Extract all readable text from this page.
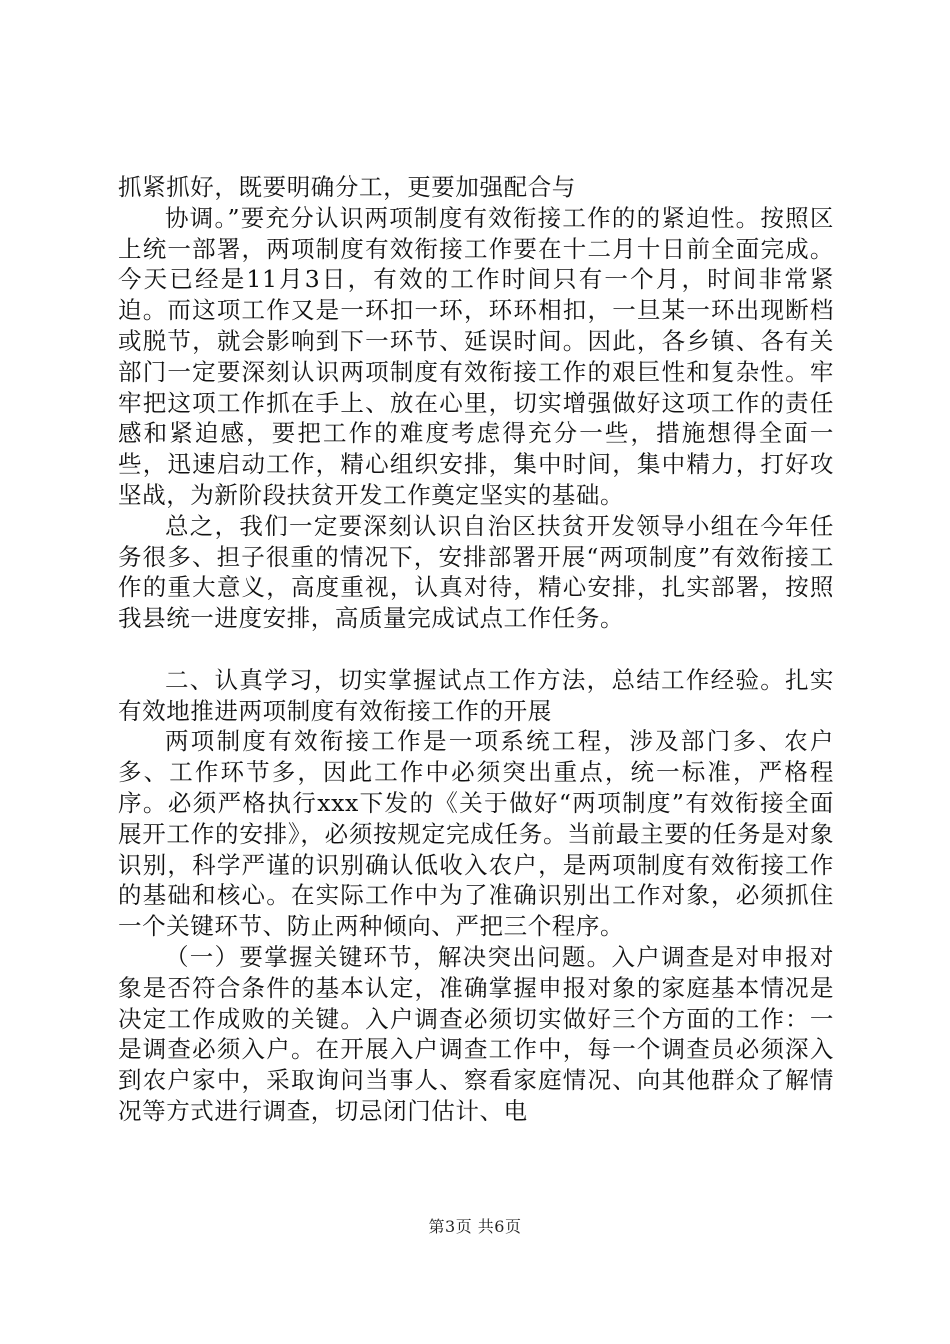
抓紧抓好，既要明确分工，更要加强配合与

协调。”要充分认识两项制度有效衔接工作的的紧迫性。按照区上统一部署，两项制度有效衔接工作要在十二月十日前全面完成。今天已经是11月3日，有效的工作时间只有一个月，时间非常紧迫。而这项工作又是一环扣一环，环环相扣，一旦某一环出现断档或脱节，就会影响到下一环节、延误时间。因此，各乡镇、各有关部门一定要深刻认识两项制度有效衔接工作的艰巨性和复杂性。牢牢把这项工作抓在手上、放在心里，切实增强做好这项工作的责任感和紧迫感，要把工作的难度考虑得充分一些，措施想得全面一些，迅速启动工作，精心组织安排，集中时间，集中精力，打好攻坚战，为新阶段扶贫开发工作奠定坚实的基础。

总之，我们一定要深刻认识自治区扶贫开发领导小组在今年任务很多、担子很重的情况下，安排部署开展“两项制度”有效衔接工作的重大意义，高度重视，认真对待，精心安排，扎实部署，按照我县统一进度安排，高质量完成试点工作任务。

二、认真学习，切实掌握试点工作方法，总结工作经验。扎实有效地推进两项制度有效衔接工作的开展

两项制度有效衔接工作是一项系统工程，涉及部门多、农户多、工作环节多，因此工作中必须突出重点，统一标准，严格程序。必须严格执行xxx下发的《关于做好“两项制度”有效衔接全面展开工作的安排》，必须按规定完成任务。当前最主要的任务是对象识别，科学严谨的识别确认低收入农户，是两项制度有效衔接工作的基础和核心。在实际工作中为了准确识别出工作对象，必须抓住一个关键环节、防止两种倾向、严把三个程序。

（一）要掌握关键环节，解决突出问题。入户调查是对申报对象是否符合条件的基本认定，准确掌握申报对象的家庭基本情况是决定工作成败的关键。入户调查必须切实做好三个方面的工作：一是调查必须入户。在开展入户调查工作中，每一个调查员必须深入到农户家中，采取询问当事人、察看家庭情况、向其他群众了解情况等方式进行调查，切忌闭门估计、电

第3页 共6页
